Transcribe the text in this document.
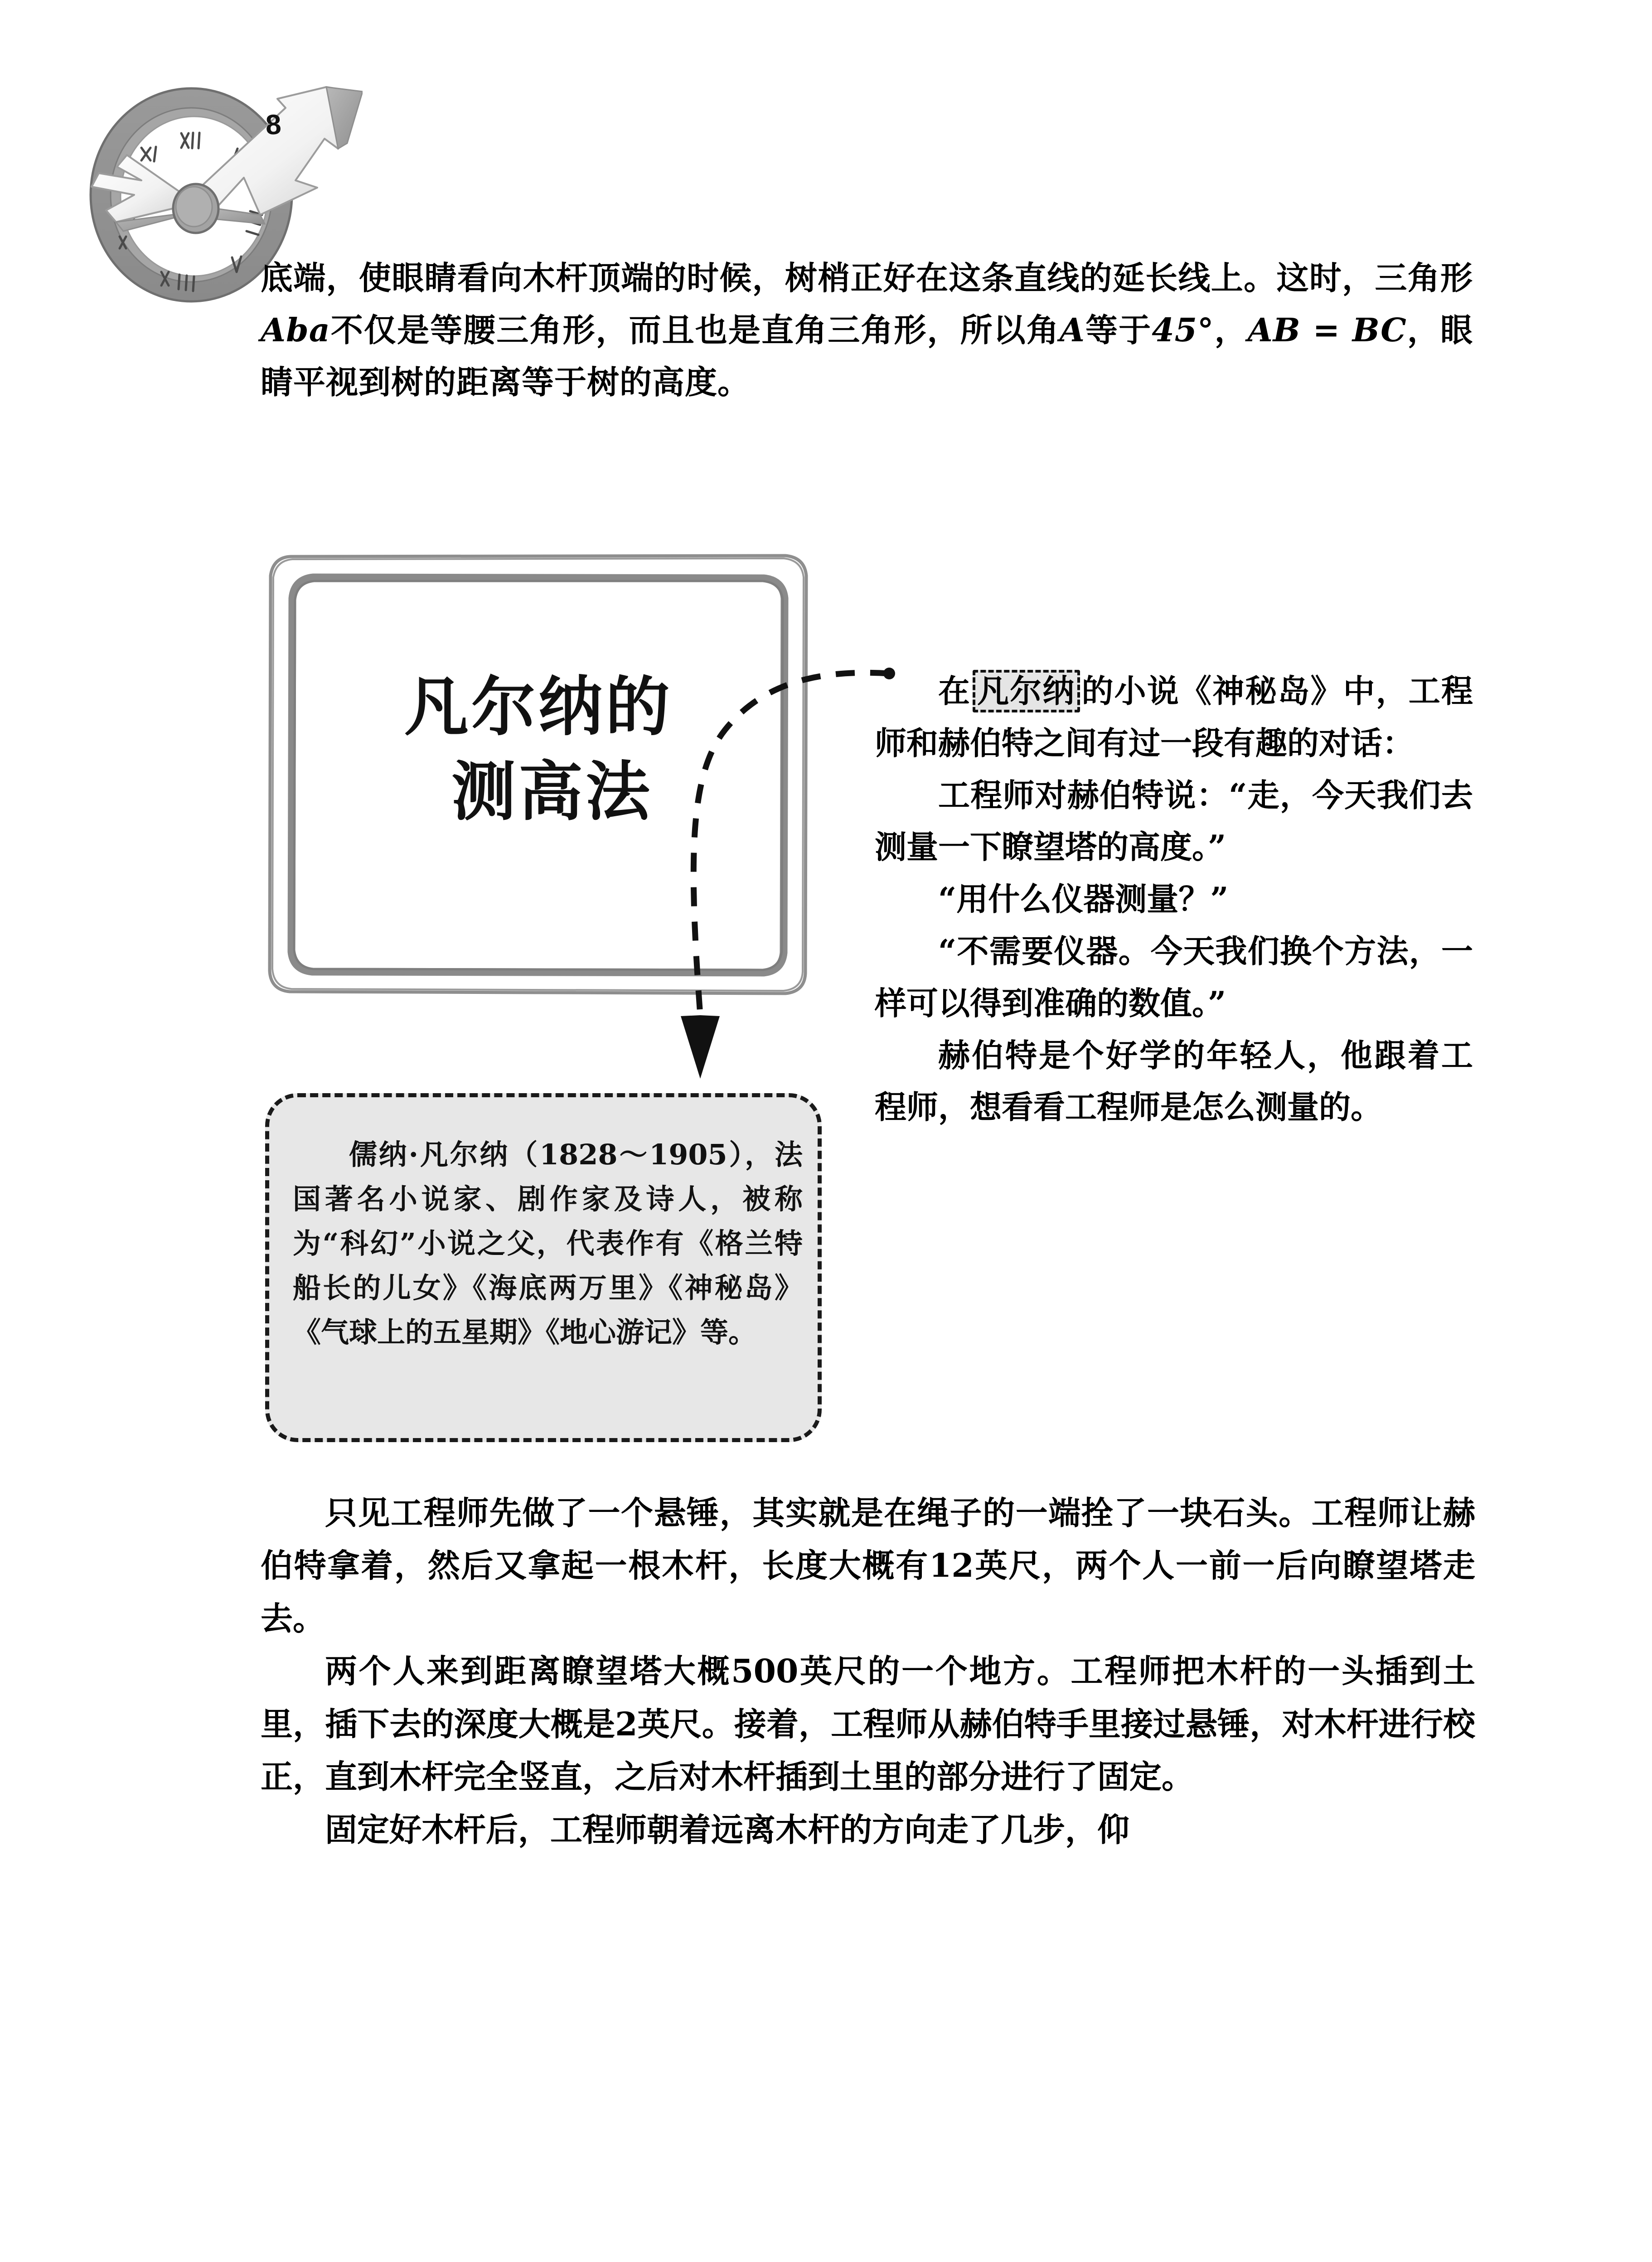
8

底端，使眼睛看向木杆顶端的时候，树梢正好在这条直线的延长线上。这时，三角形Aba不仅是等腰三角形，而且也是直角三角形，所以角A等于45°，AB = BC，眼睛平视到树的距离等于树的高度。

凡尔纳的
测高法

在 凡尔纳 的小说《神秘岛》中，工程师和赫伯特之间有过一段有趣的对话：

工程师对赫伯特说：“走，今天我们去测量一下瞭望塔的高度。”

“用什么仪器测量？”

“不需要仪器。今天我们换个方法，一样可以得到准确的数值。”

赫伯特是个好学的年轻人，他跟着工程师，想看看工程师是怎么测量的。

儒纳·凡尔纳（1828～1905），法国著名小说家、剧作家及诗人，被称为“科幻”小说之父，代表作有《格兰特船长的儿女》《海底两万里》《神秘岛》《气球上的五星期》《地心游记》等。

只见工程师先做了一个悬锤，其实就是在绳子的一端拴了一块石头。工程师让赫伯特拿着，然后又拿起一根木杆，长度大概有12英尺，两个人一前一后向瞭望塔走去。

两个人来到距离瞭望塔大概500英尺的一个地方。工程师把木杆的一头插到土里，插下去的深度大概是2英尺。接着，工程师从赫伯特手里接过悬锤，对木杆进行校正，直到木杆完全竖直，之后对木杆插到土里的部分进行了固定。

固定好木杆后，工程师朝着远离木杆的方向走了几步，仰
